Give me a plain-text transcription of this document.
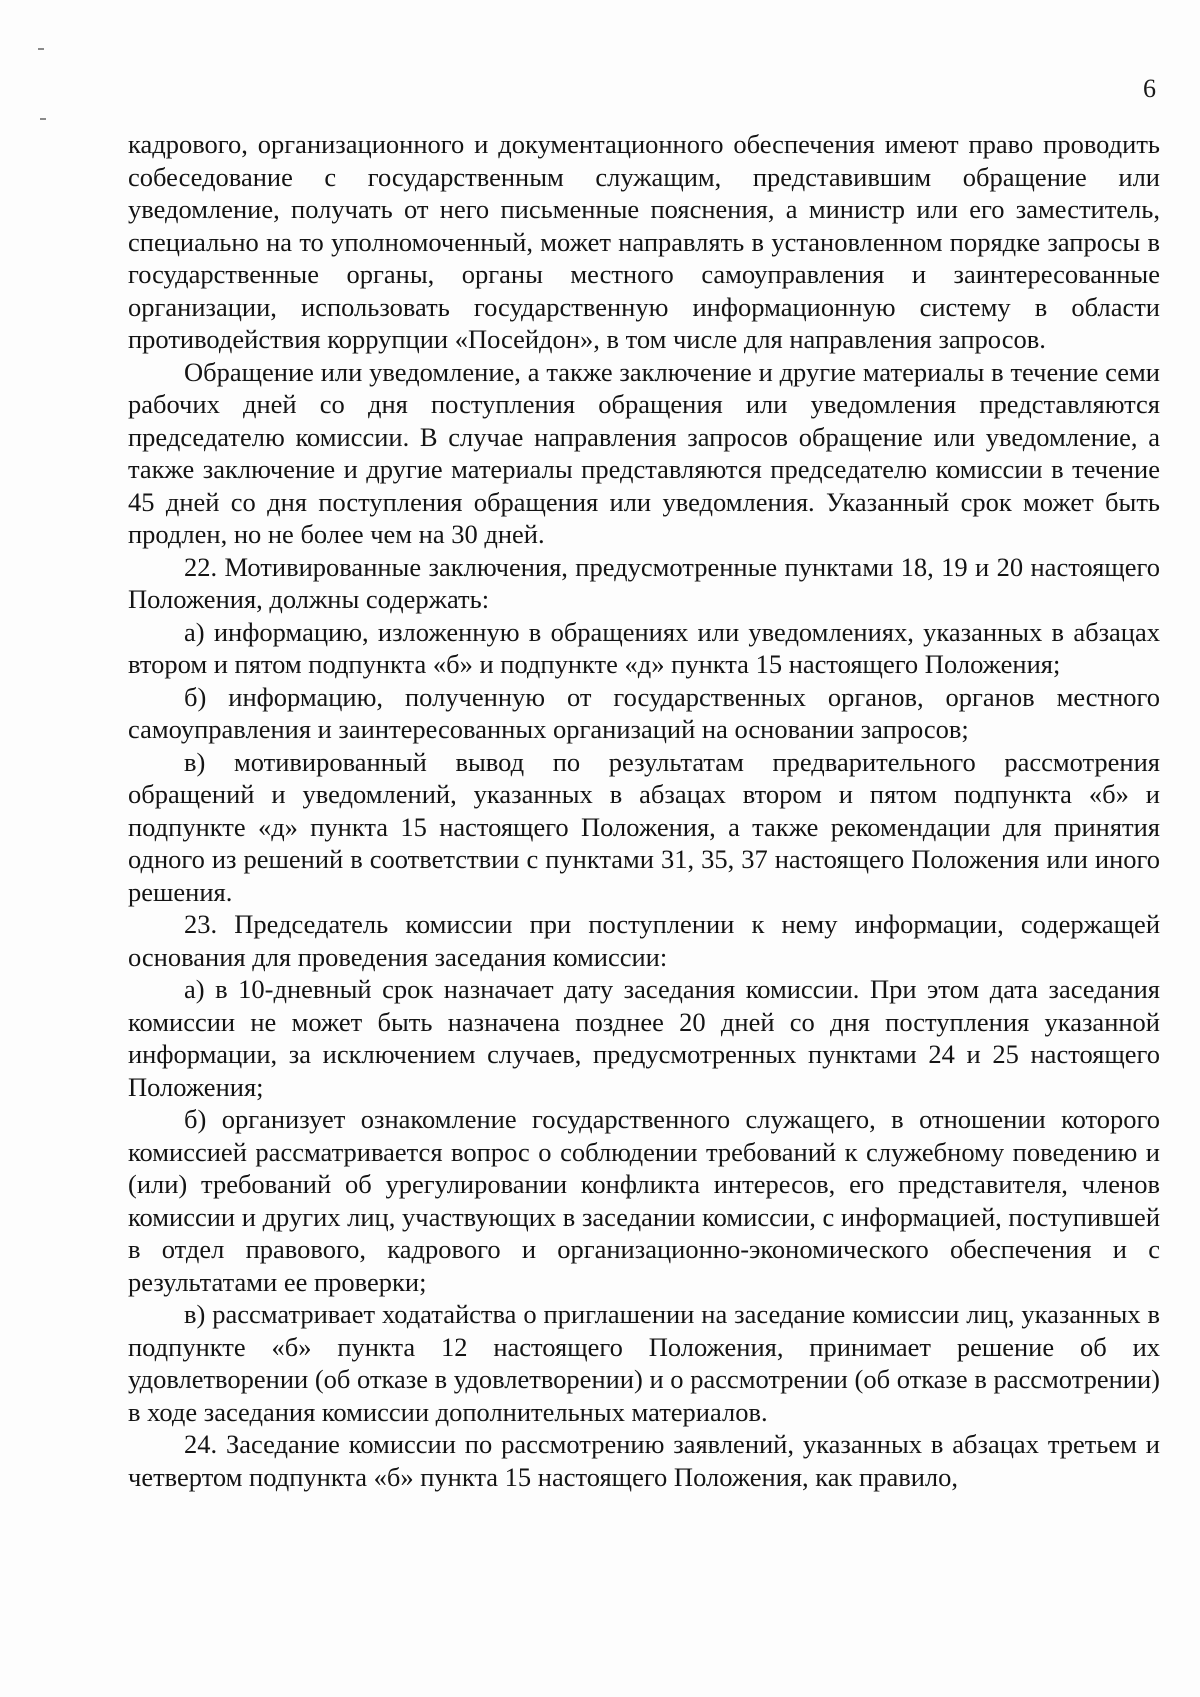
6

кадрового, организационного и документационного обеспечения имеют право проводить собеседование с государственным служащим, представившим обращение или уведомление, получать от него письменные пояснения, а министр или его заместитель, специально на то уполномоченный, может направлять в установленном порядке запросы в государственные органы, органы местного самоуправления и заинтересованные организации, использовать государственную информационную систему в области противодействия коррупции «Посейдон», в том числе для направления запросов.

Обращение или уведомление, а также заключение и другие материалы в течение семи рабочих дней со дня поступления обращения или уведомления представляются председателю комиссии. В случае направления запросов обращение или уведомление, а также заключение и другие материалы представляются председателю комиссии в течение 45 дней со дня поступления обращения или уведомления. Указанный срок может быть продлен, но не более чем на 30 дней.

22. Мотивированные заключения, предусмотренные пунктами 18, 19 и 20 настоящего Положения, должны содержать:

а) информацию, изложенную в обращениях или уведомлениях, указанных в абзацах втором и пятом подпункта «б» и подпункте «д» пункта 15 настоящего Положения;

б) информацию, полученную от государственных органов, органов местного самоуправления и заинтересованных организаций на основании запросов;

в) мотивированный вывод по результатам предварительного рассмотрения обращений и уведомлений, указанных в абзацах втором и пятом подпункта «б» и подпункте «д» пункта 15 настоящего Положения, а также рекомендации для принятия одного из решений в соответствии с пунктами 31, 35, 37 настоящего Положения или иного решения.

23. Председатель комиссии при поступлении к нему информации, содержащей основания для проведения заседания комиссии:

а) в 10-дневный срок назначает дату заседания комиссии. При этом дата заседания комиссии не может быть назначена позднее 20 дней со дня поступления указанной информации, за исключением случаев, предусмотренных пунктами 24 и 25 настоящего Положения;

б) организует ознакомление государственного служащего, в отношении которого комиссией рассматривается вопрос о соблюдении требований к служебному поведению и (или) требований об урегулировании конфликта интересов, его представителя, членов комиссии и других лиц, участвующих в заседании комиссии, с информацией, поступившей в отдел правового, кадрового и организационно-экономического обеспечения и с результатами ее проверки;

в) рассматривает ходатайства о приглашении на заседание комиссии лиц, указанных в подпункте «б» пункта 12 настоящего Положения, принимает решение об их удовлетворении (об отказе в удовлетворении) и о рассмотрении (об отказе в рассмотрении) в ходе заседания комиссии дополнительных материалов.

24. Заседание комиссии по рассмотрению заявлений, указанных в абзацах третьем и четвертом подпункта «б» пункта 15 настоящего Положения, как правило,
